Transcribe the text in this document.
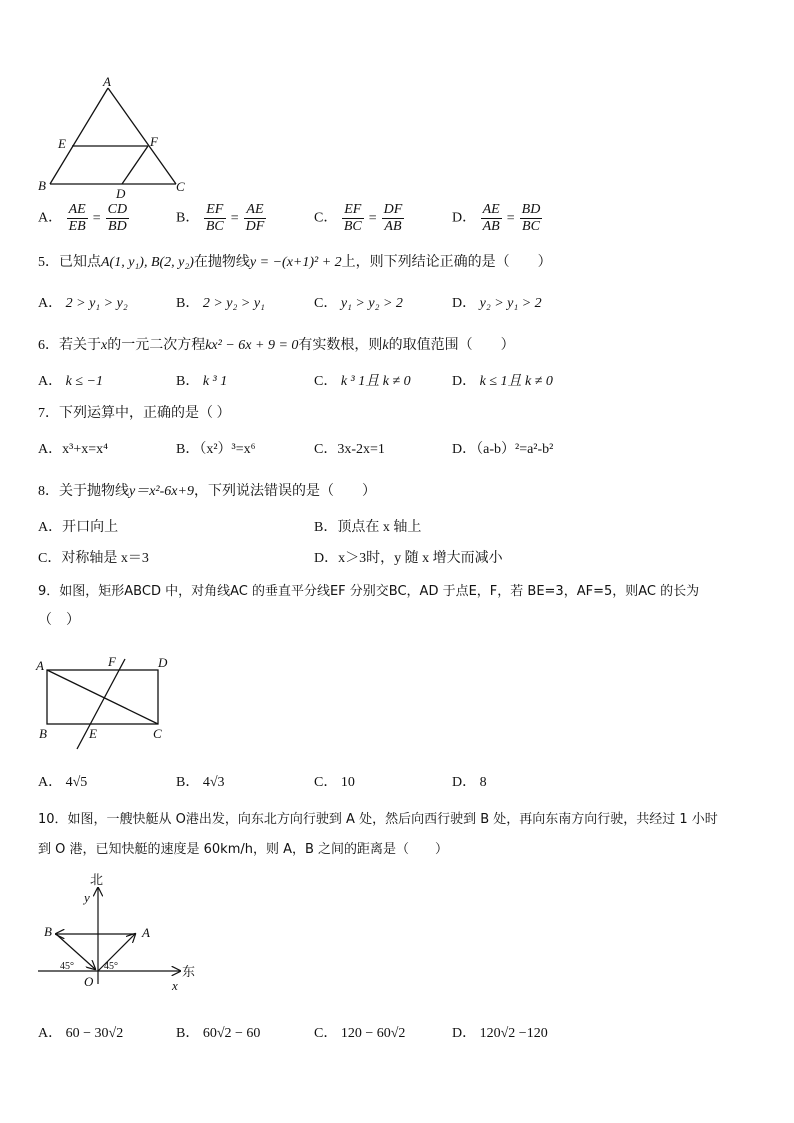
A
E	F
B
D	C
A． $\frac{AE}{EB} = \frac{CD}{BD}$	B． $\frac{EF}{BC} = \frac{AE}{DF}$	C． $\frac{EF}{BC} = \frac{DF}{AB}$	D． $\frac{AE}{AB} = \frac{BD}{BC}$
5．已知点A(1, y₁), B(2, y₂)在抛物线y = −(x+1)² + 2上，则下列结论正确的是（　　）
A． 2 > y₁ > y₂	B． 2 > y₂ > y₁	C． y₁ > y₂ > 2	D． y₂ > y₁ > 2
6．若关于x的一元二次方程kx² − 6x + 9 = 0有实数根，则k的取值范围（　　）
A． k ≤ −1	B． k ³ 1	C． k ³ 1且 k ≠ 0	D． k ≤ 1且 k ≠ 0
7．下列运算中，正确的是（ ）
A．x³+x=x⁴	B．（x²）³=x⁶	C．3x-2x=1	D．（a-b）²=a²-b²
8．关于抛物线y＝x²-6x+9，下列说法错误的是（　　）
A．开口向上	B．顶点在 x 轴上
C．对称轴是 x＝3	D．x＞3时，y 随 x 增大而减小
9．如图，矩形ABCD 中，对角线AC 的垂直平分线EF 分别交BC，AD 于点E，F，若 BE=3，AF=5，则AC 的长为
（　）
A	F	D
B	E	C
A． 4√5	B． 4√3	C． 10	D． 8
10．如图，一艘快艇从 O港出发，向东北方向行驶到 A 处，然后向西行驶到 B 处，再向东南方向行驶，共经过 1 小时
到 O 港，已知快艇的速度是 60km/h，则 A，B 之间的距离是（　　）
北
y
B	A
45°	45°	东
O	x
A． 60 − 30√2	B． 60√2 − 60	C． 120 − 60√2	D． 120√2 −120
